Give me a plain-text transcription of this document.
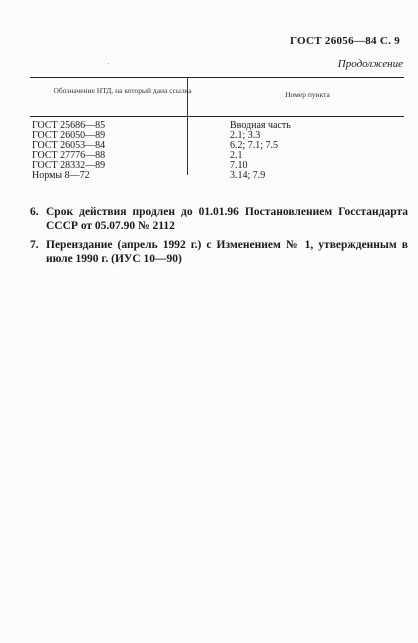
ГОСТ 26056—84 С. 9
′	Продолжение
Обозначение НТД, на который дана ссылка	Номер пункта
ГОСТ 25686—85	Вводная часть
ГОСТ 26050—89	2.1; 3.3
ГОСТ 26053—84	6.2; 7.1; 7.5
ГОСТ 27776—88	2.1
ГОСТ 28332—89	7.10
Нормы 8—72	3.14; 7.9
6. Срок действия продлен до 01.01.96 Постановлением Госстандарта СССР от 05.07.90 № 2112
7. Переиздание (апрель 1992 г.) с Изменением № 1, утвержденным в июле 1990 г. (ИУС 10—90)
